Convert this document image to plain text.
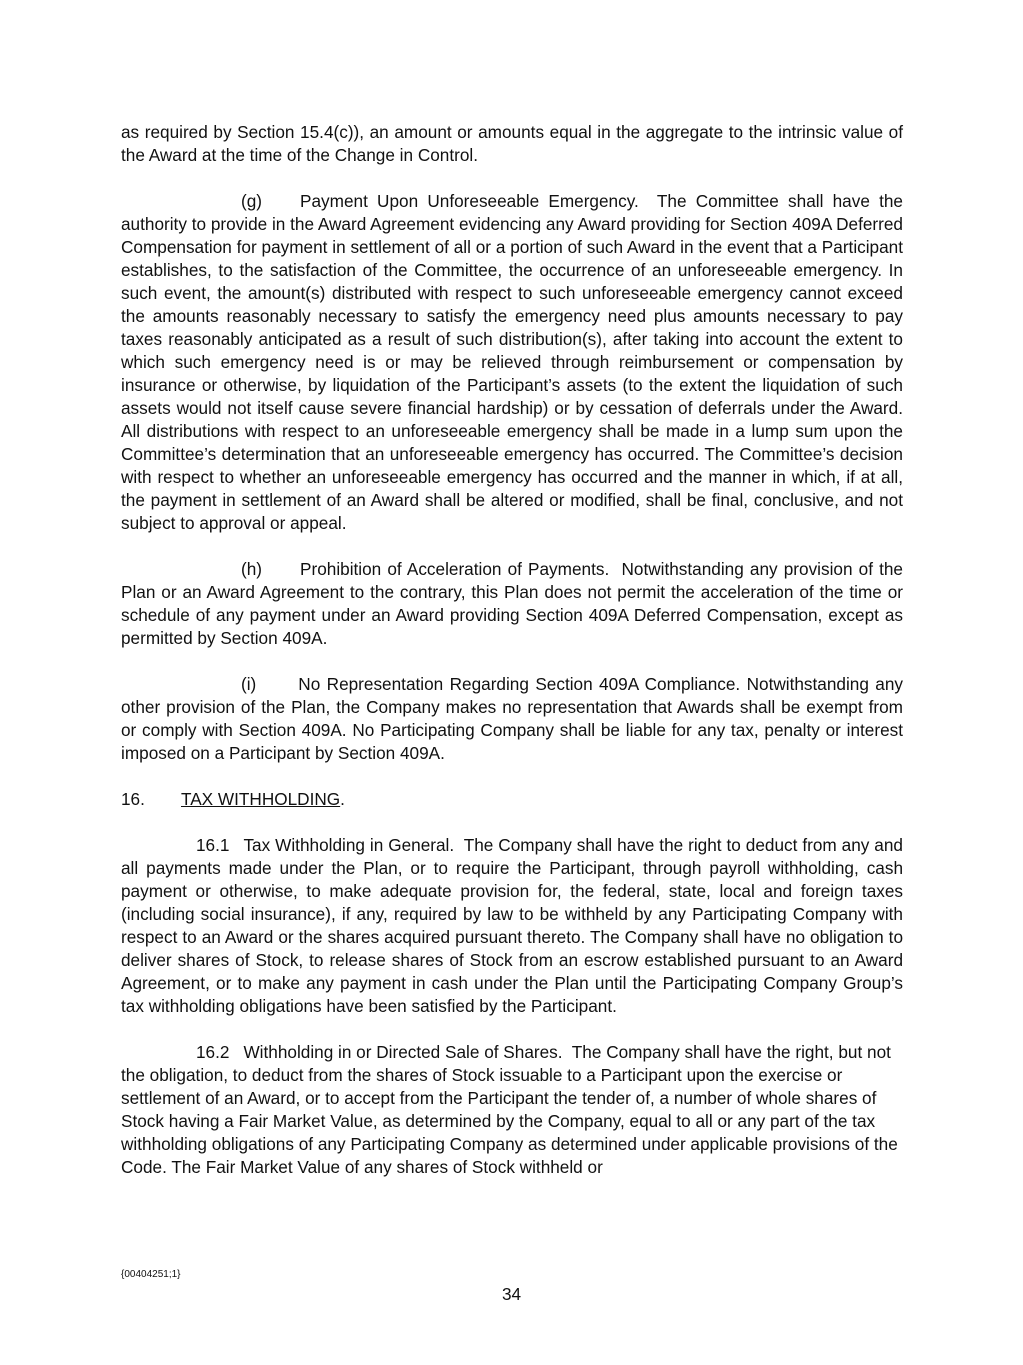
as required by Section 15.4(c)), an amount or amounts equal in the aggregate to the intrinsic value of the Award at the time of the Change in Control.

(g) Payment Upon Unforeseeable Emergency. The Committee shall have the authority to provide in the Award Agreement evidencing any Award providing for Section 409A Deferred Compensation for payment in settlement of all or a portion of such Award in the event that a Participant establishes, to the satisfaction of the Committee, the occurrence of an unforeseeable emergency. In such event, the amount(s) distributed with respect to such unforeseeable emergency cannot exceed the amounts reasonably necessary to satisfy the emergency need plus amounts necessary to pay taxes reasonably anticipated as a result of such distribution(s), after taking into account the extent to which such emergency need is or may be relieved through reimbursement or compensation by insurance or otherwise, by liquidation of the Participant’s assets (to the extent the liquidation of such assets would not itself cause severe financial hardship) or by cessation of deferrals under the Award. All distributions with respect to an unforeseeable emergency shall be made in a lump sum upon the Committee’s determination that an unforeseeable emergency has occurred. The Committee’s decision with respect to whether an unforeseeable emergency has occurred and the manner in which, if at all, the payment in settlement of an Award shall be altered or modified, shall be final, conclusive, and not subject to approval or appeal.

(h) Prohibition of Acceleration of Payments. Notwithstanding any provision of the Plan or an Award Agreement to the contrary, this Plan does not permit the acceleration of the time or schedule of any payment under an Award providing Section 409A Deferred Compensation, except as permitted by Section 409A.

(i) No Representation Regarding Section 409A Compliance. Notwithstanding any other provision of the Plan, the Company makes no representation that Awards shall be exempt from or comply with Section 409A. No Participating Company shall be liable for any tax, penalty or interest imposed on a Participant by Section 409A.

16. TAX WITHHOLDING.

16.1 Tax Withholding in General. The Company shall have the right to deduct from any and all payments made under the Plan, or to require the Participant, through payroll withholding, cash payment or otherwise, to make adequate provision for, the federal, state, local and foreign taxes (including social insurance), if any, required by law to be withheld by any Participating Company with respect to an Award or the shares acquired pursuant thereto. The Company shall have no obligation to deliver shares of Stock, to release shares of Stock from an escrow established pursuant to an Award Agreement, or to make any payment in cash under the Plan until the Participating Company Group’s tax withholding obligations have been satisfied by the Participant.

16.2 Withholding in or Directed Sale of Shares. The Company shall have the right, but not the obligation, to deduct from the shares of Stock issuable to a Participant upon the exercise or settlement of an Award, or to accept from the Participant the tender of, a number of whole shares of Stock having a Fair Market Value, as determined by the Company, equal to all or any part of the tax withholding obligations of any Participating Company as determined under applicable provisions of the Code. The Fair Market Value of any shares of Stock withheld or

{00404251;1}
34
